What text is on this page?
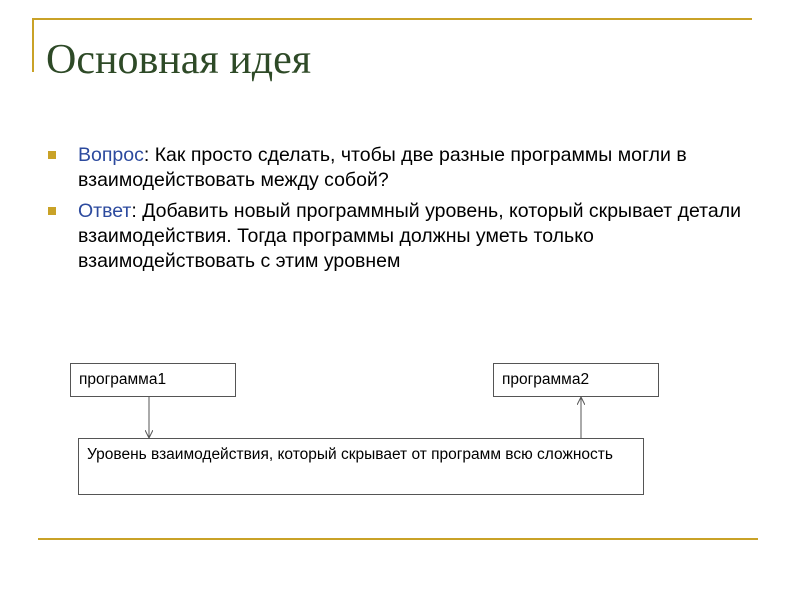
Основная идея
Вопрос: Как просто сделать, чтобы две разные программы могли в взаимодействовать между собой?
Ответ: Добавить новый программный уровень, который скрывает детали взаимодействия. Тогда программы должны уметь только взаимодействовать с этим уровнем
программа1	программа2
Уровень взаимодействия, который скрывает от программ всю сложность
